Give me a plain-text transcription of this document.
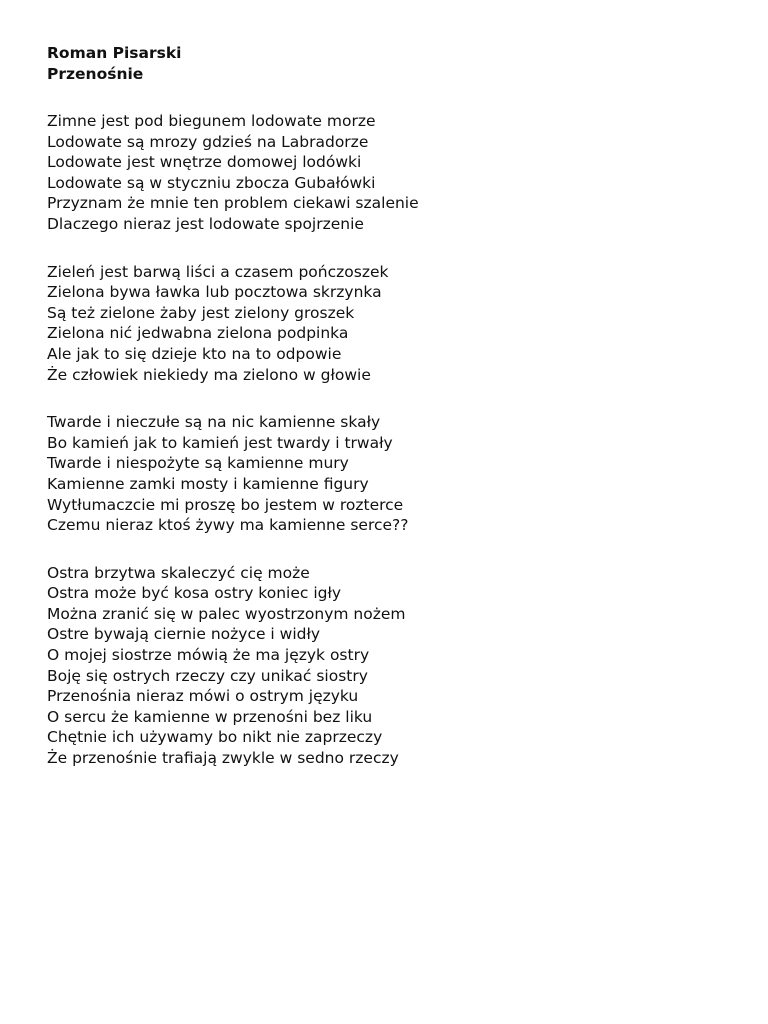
Roman Pisarski
Przenośnie
Zimne jest pod biegunem lodowate morze
Lodowate są mrozy gdzieś na Labradorze
Lodowate jest wnętrze domowej lodówki
Lodowate są w styczniu zbocza Gubałówki
Przyznam że mnie ten problem ciekawi szalenie
Dlaczego nieraz jest lodowate spojrzenie
Zieleń jest barwą liści a czasem pończoszek
Zielona bywa ławka lub pocztowa skrzynka
Są też zielone żaby jest zielony groszek
Zielona nić jedwabna zielona podpinka
Ale jak to się dzieje kto na to odpowie
Że człowiek niekiedy ma zielono w głowie
Twarde i nieczułe są na nic kamienne skały
Bo kamień jak to kamień jest twardy i trwały
Twarde i niespożyte są kamienne mury
Kamienne zamki mosty i kamienne figury
Wytłumaczcie mi proszę bo jestem w rozterce
Czemu nieraz ktoś żywy ma kamienne serce??
Ostra brzytwa skaleczyć cię może
Ostra może być kosa ostry koniec igły
Można zranić się w palec wyostrzonym nożem
Ostre bywają ciernie nożyce i widły
O mojej siostrze mówią że ma język ostry
Boję się ostrych rzeczy czy unikać siostry
Przenośnia nieraz mówi o ostrym języku
O sercu że kamienne w przenośni bez liku
Chętnie ich używamy bo nikt nie zaprzeczy
Że przenośnie trafiają zwykle w sedno rzeczy
